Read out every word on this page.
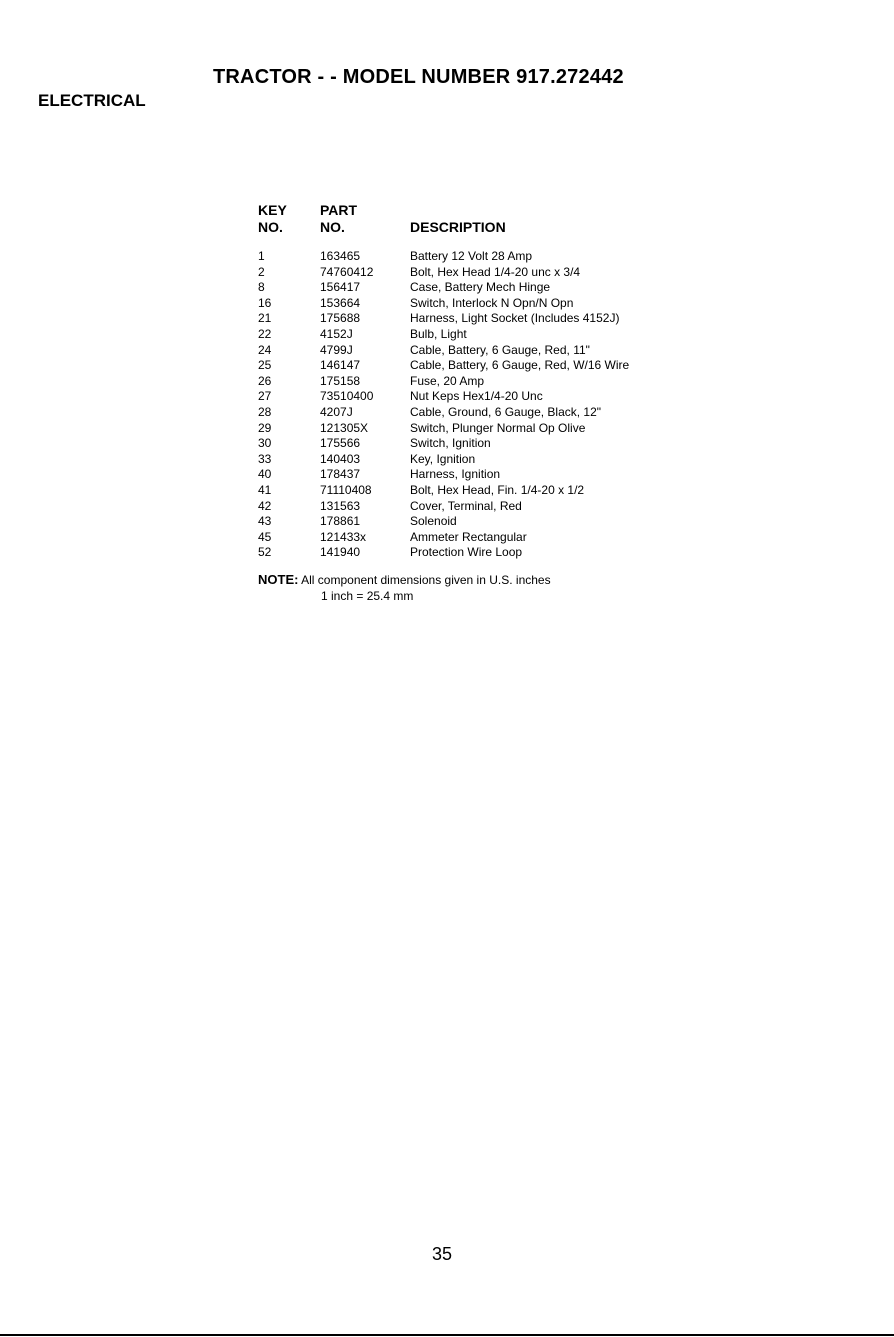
TRACTOR - - MODEL NUMBER 917.272442
ELECTRICAL
KEY
NO.
PART
NO.	DESCRIPTION
1	163465	Battery 12 Volt 28 Amp
2	74760412	Bolt, Hex Head 1/4-20 unc x 3/4
8	156417	Case, Battery Mech Hinge
16	153664	Switch, Interlock N Opn/N Opn
21	175688	Harness, Light Socket (Includes 4152J)
22	4152J	Bulb, Light
24	4799J	Cable, Battery, 6 Gauge, Red, 11"
25	146147	Cable, Battery, 6 Gauge, Red, W/16 Wire
26	175158	Fuse, 20 Amp
27	73510400	Nut Keps Hex1/4-20 Unc
28	4207J	Cable, Ground, 6 Gauge, Black, 12"
29	121305X	Switch, Plunger Normal Op Olive
30	175566	Switch, Ignition
33	140403	Key, Ignition
40	178437	Harness, Ignition
41	71110408	Bolt, Hex Head, Fin. 1/4-20 x 1/2
42	131563	Cover, Terminal, Red
43	178861	Solenoid
45	121433x	Ammeter Rectangular
52	141940	Protection Wire Loop
NOTE: All component dimensions given in U.S. inches
1 inch = 25.4 mm
35
